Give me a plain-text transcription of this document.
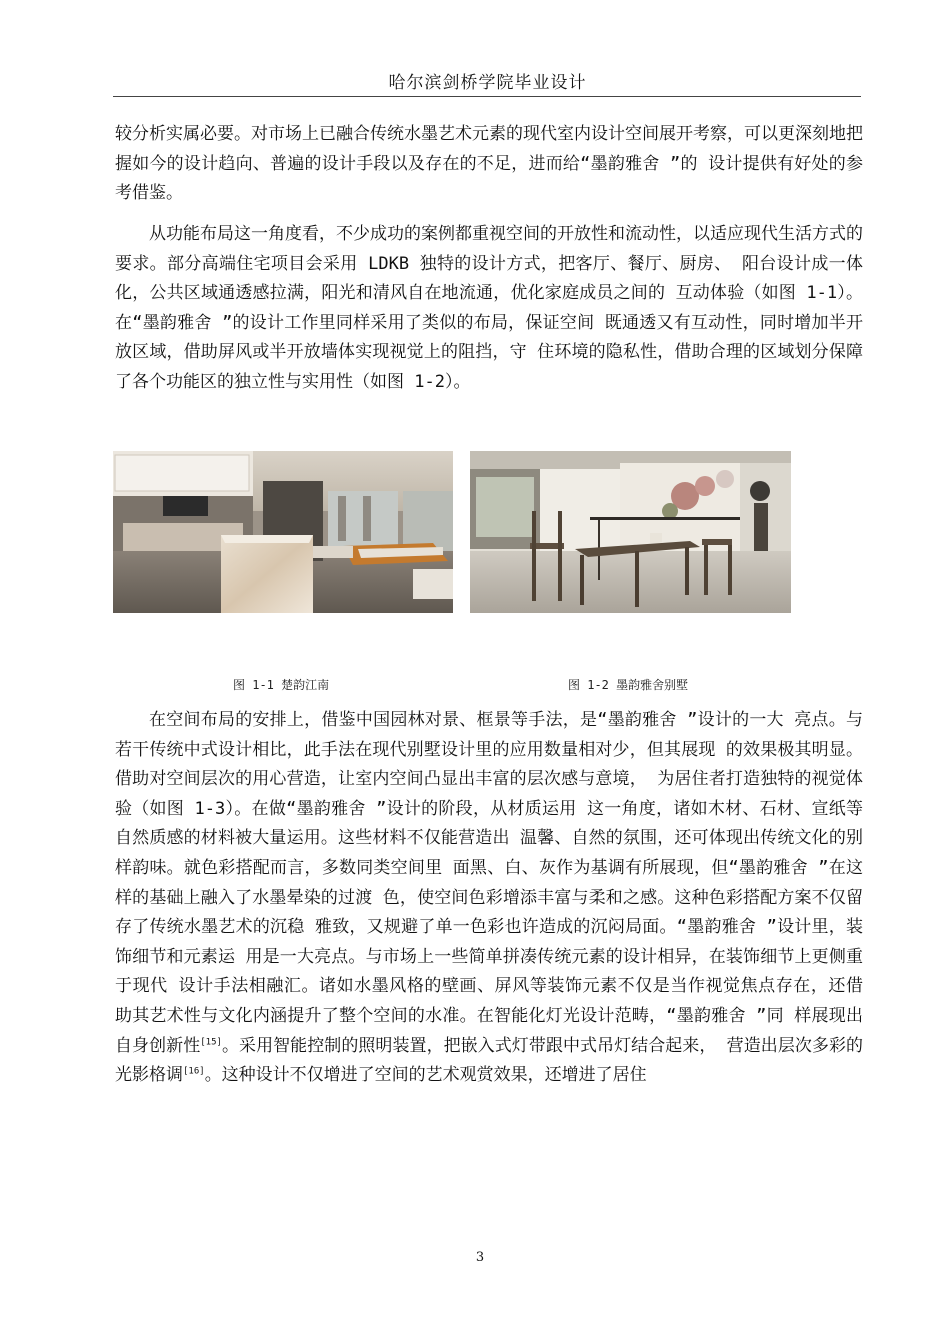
哈尔滨剑桥学院毕业设计

较分析实属必要。对市场上已融合传统水墨艺术元素的现代室内设计空间展开考察，可以更深刻地把握如今的设计趋向、普遍的设计手段以及存在的不足，进而给“墨韵雅舍 ”的 设计提供有好处的参考借鉴。

从功能布局这一角度看，不少成功的案例都重视空间的开放性和流动性，以适应现代生活方式的要求。部分高端住宅项目会采用 LDKB 独特的设计方式，把客厅、餐厅、厨房、 阳台设计成一体化，公共区域通透感拉满，阳光和清风自在地流通，优化家庭成员之间的 互动体验（如图 1-1）。在“墨韵雅舍 ”的设计工作里同样采用了类似的布局，保证空间 既通透又有互动性，同时增加半开放区域，借助屏风或半开放墙体实现视觉上的阻挡，守 住环境的隐私性，借助合理的区域划分保障了各个功能区的独立性与实用性（如图 1-2）。

图 1-1 楚韵江南	图 1-2 墨韵雅舍别墅

在空间布局的安排上，借鉴中国园林对景、框景等手法，是“墨韵雅舍 ”设计的一大 亮点。与若干传统中式设计相比，此手法在现代别墅设计里的应用数量相对少，但其展现 的效果极其明显。借助对空间层次的用心营造，让室内空间凸显出丰富的层次感与意境， 为居住者打造独特的视觉体验（如图 1-3）。在做“墨韵雅舍 ”设计的阶段，从材质运用 这一角度，诸如木材、石材、宣纸等自然质感的材料被大量运用。这些材料不仅能营造出 温馨、自然的氛围，还可体现出传统文化的别样韵味。就色彩搭配而言，多数同类空间里 面黑、白、灰作为基调有所展现，但“墨韵雅舍 ”在这样的基础上融入了水墨晕染的过渡 色，使空间色彩增添丰富与柔和之感。这种色彩搭配方案不仅留存了传统水墨艺术的沉稳 雅致，又规避了单一色彩也许造成的沉闷局面。“墨韵雅舍 ”设计里，装饰细节和元素运 用是一大亮点。与市场上一些简单拼凑传统元素的设计相异，在装饰细节上更侧重于现代 设计手法相融汇。诸如水墨风格的壁画、屏风等装饰元素不仅是当作视觉焦点存在，还借 助其艺术性与文化内涵提升了整个空间的水准。在智能化灯光设计范畴，“墨韵雅舍 ”同 样展现出自身创新性[15]。采用智能控制的照明装置，把嵌入式灯带跟中式吊灯结合起来， 营造出层次多彩的光影格调[16]。这种设计不仅增进了空间的艺术观赏效果，还增进了居住

3
